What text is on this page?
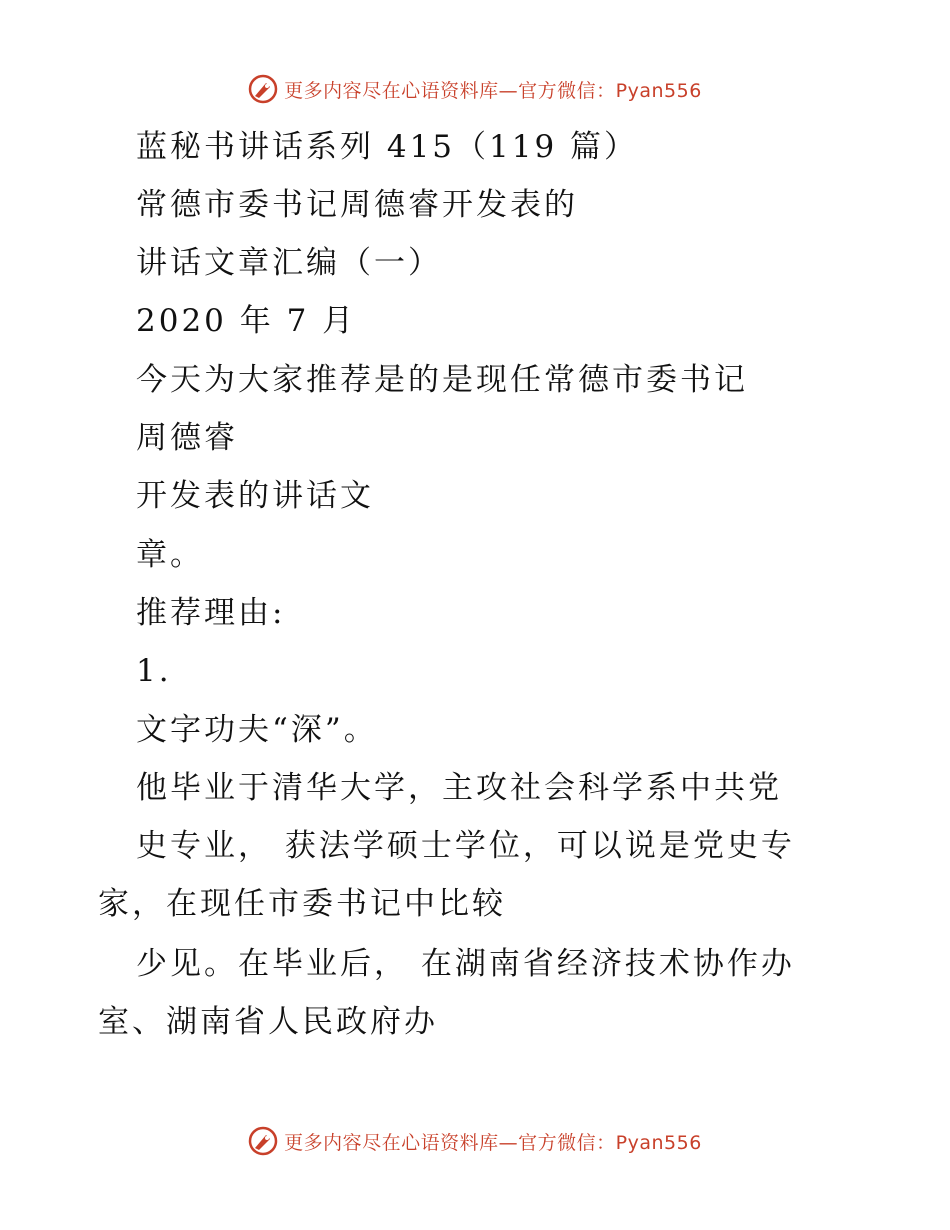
更多内容尽在心语资料库—官方微信：Pyan556
蓝秘书讲话系列 415（119 篇）
常德市委书记周德睿开发表的
讲话文章汇编（一）
2020 年 7 月
今天为大家推荐是的是现任常德市委书记
周德睿
开发表的讲话文
章。
推荐理由:
1.
文字功夫“深”。
他毕业于清华大学，主攻社会科学系中共党
史专业， 获法学硕士学位，可以说是党史专
家，在现任市委书记中比较
少见。在毕业后， 在湖南省经济技术协作办
室、湖南省人民政府办
更多内容尽在心语资料库—官方微信：Pyan556
